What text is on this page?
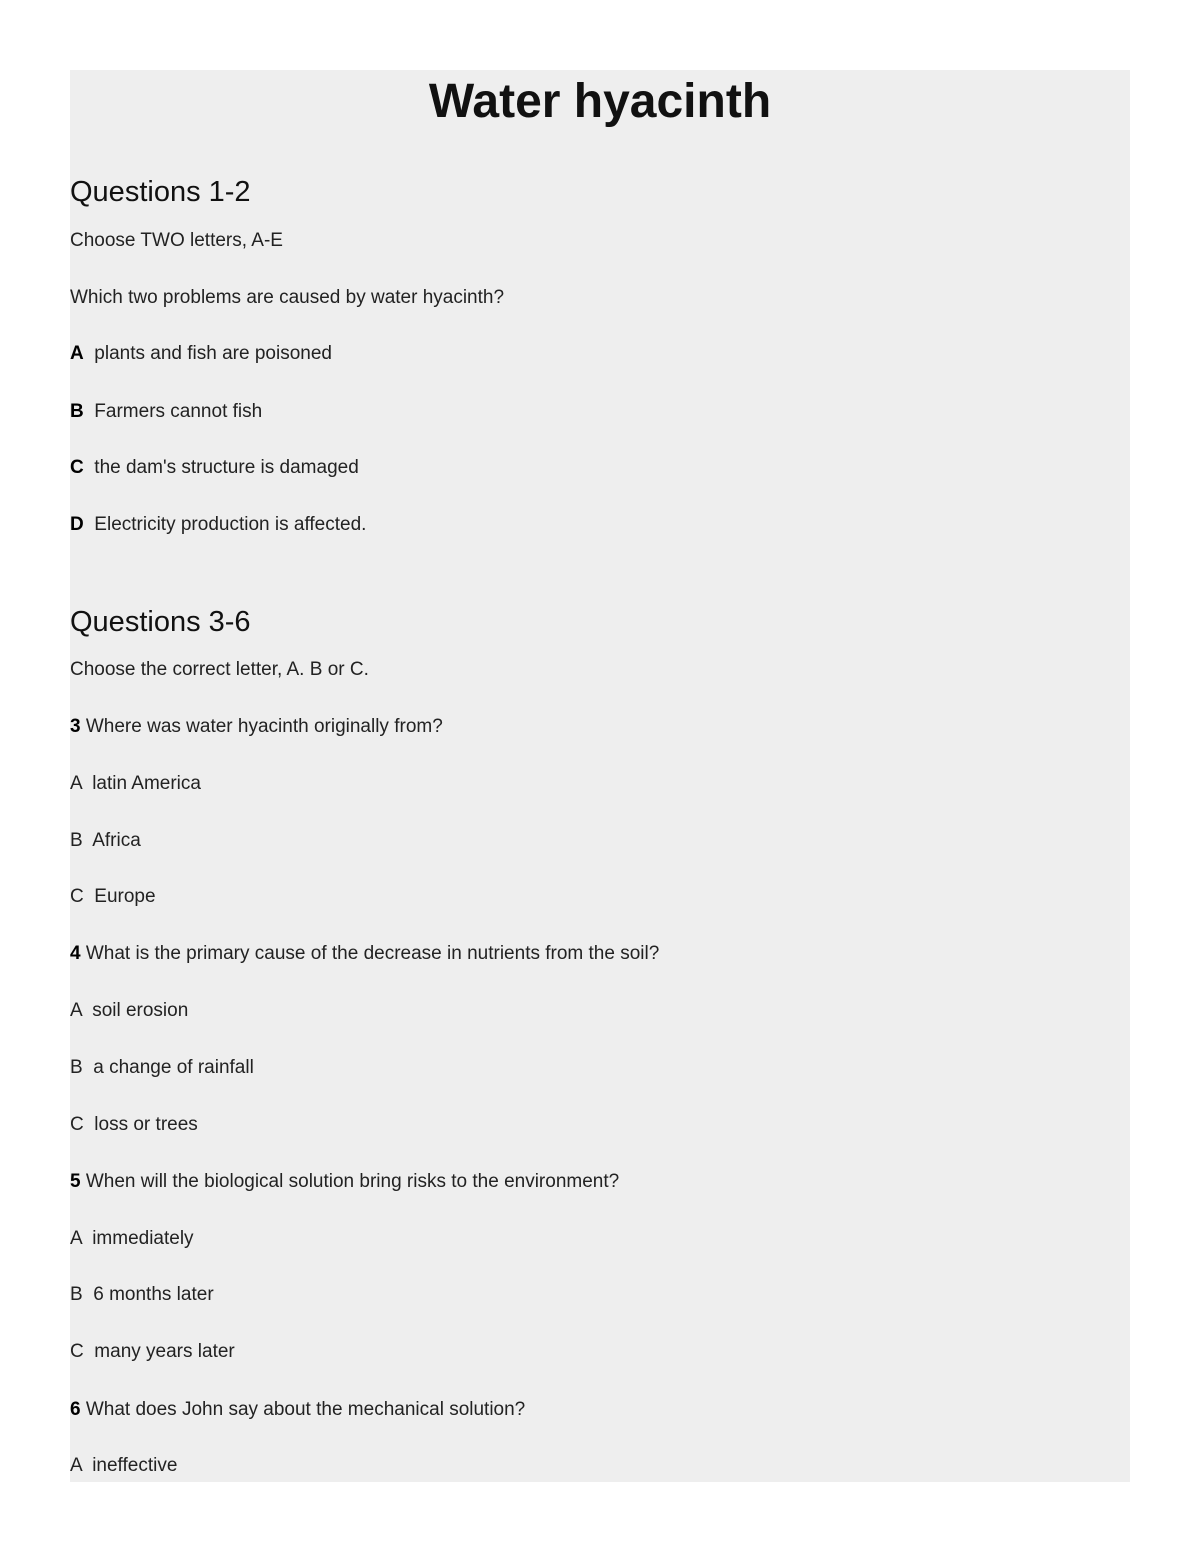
Water hyacinth
Questions 1-2
Choose TWO letters, A-E
Which two problems are caused by water hyacinth?
A plants and fish are poisoned
B Farmers cannot fish
C the dam's structure is damaged
D Electricity production is affected.
Questions 3-6
Choose the correct letter, A. B or C.
3 Where was water hyacinth originally from?
A latin America
B Africa
C Europe
4 What is the primary cause of the decrease in nutrients from the soil?
A soil erosion
B a change of rainfall
C loss or trees
5 When will the biological solution bring risks to the environment?
A immediately
B 6 months later
C many years later
6 What does John say about the mechanical solution?
A ineffective
